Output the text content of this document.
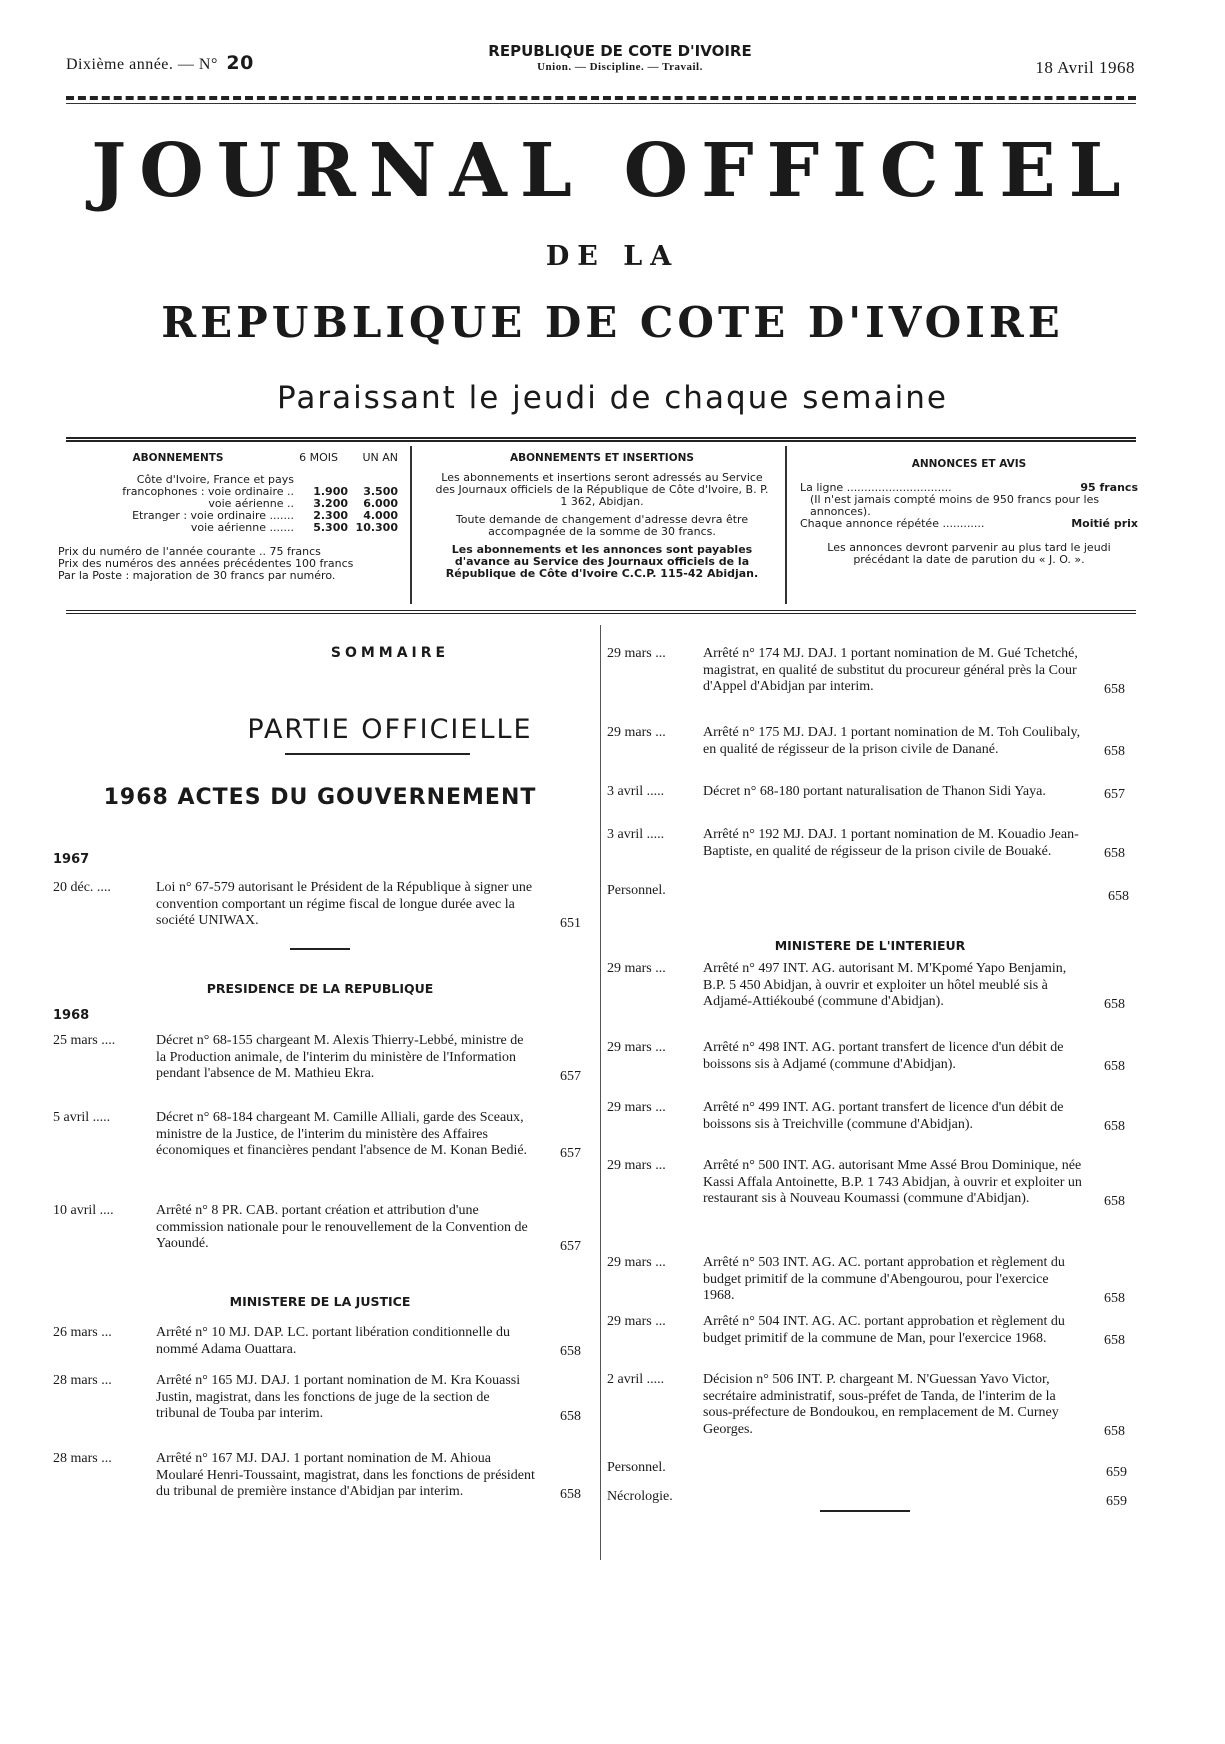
Dixième année. — N° 20
REPUBLIQUE DE COTE D'IVOIRE
Union. — Discipline. — Travail.	18 Avril 1968
JOURNAL OFFICIEL
DE LA
REPUBLIQUE DE COTE D'IVOIRE
Paraissant le jeudi de chaque semaine
ABONNEMENTS	6 MOIS	UN AN
Côte d'Ivoire, France et pays
francophones : voie ordinaire ..	1.900	3.500
voie aérienne ..	3.200	6.000
Etranger : voie ordinaire .......	2.300	4.000
voie aérienne .......	5.300 10.300
Prix du numéro de l'année courante .. 75 francs
Prix des numéros des années précédentes 100 francs
Par la Poste : majoration de 30 francs par numéro.
ABONNEMENTS ET INSERTIONS
Les abonnements et insertions seront adressés au Service des Journaux officiels de la République de Côte d'Ivoire, B. P. 1 362, Abidjan.
Toute demande de changement d'adresse devra être accompagnée de la somme de 30 francs.
Les abonnements et les annonces sont payables d'avance au Service des Journaux officiels de la République de Côte d'Ivoire C.C.P. 115-42 Abidjan.
ANNONCES ET AVIS
La ligne ..............................	95 francs
(Il n'est jamais compté moins de 950 francs pour les annonces).
Chaque annonce répétée ............	Moitié prix
Les annonces devront parvenir au plus tard le jeudi précédant la date de parution du « J. O. ».
SOMMAIRE
PARTIE OFFICIELLE
1968 ACTES DU GOUVERNEMENT
1967
20 déc. ....	Loi n° 67-579 autorisant le Président de la République à signer une convention comportant un régime fiscal de longue durée avec la société UNIWAX.	651
25 mars ....	Décret n° 68-155 chargeant M. Alexis Thierry-Lebbé, ministre de la Production animale, de l'interim du ministère de l'Information pendant l'absence de M. Mathieu Ekra.	657
5 avril .....	Décret n° 68-184 chargeant M. Camille Alliali, garde des Sceaux, ministre de la Justice, de l'interim du ministère des Affaires économiques et financières pendant l'absence de M. Konan Bedié.	657
10 avril ....	Arrêté n° 8 PR. CAB. portant création et attribution d'une commission nationale pour le renouvellement de la Convention de Yaoundé.	657
26 mars ...	Arrêté n° 10 MJ. DAP. LC. portant libération conditionnelle du nommé Adama Ouattara.	658
28 mars ...	Arrêté n° 165 MJ. DAJ. 1 portant nomination de M. Kra Kouassi Justin, magistrat, dans les fonctions de juge de la section de tribunal de Touba par interim.	658
28 mars ...	Arrêté n° 167 MJ. DAJ. 1 portant nomination de M. Ahioua Moularé Henri-Toussaint, magistrat, dans les fonctions de président du tribunal de première instance d'Abidjan par interim.	658
PRESIDENCE DE LA REPUBLIQUE
1968
MINISTERE DE LA JUSTICE
29 mars ...	Arrêté n° 174 MJ. DAJ. 1 portant nomination de M. Gué Tchetché, magistrat, en qualité de substitut du procureur général près la Cour d'Appel d'Abidjan par interim.	658
29 mars ...	Arrêté n° 175 MJ. DAJ. 1 portant nomination de M. Toh Coulibaly, en qualité de régisseur de la prison civile de Danané.	658
3 avril .....	Décret n° 68-180 portant naturalisation de Thanon Sidi Yaya.	657
3 avril .....	Arrêté n° 192 MJ. DAJ. 1 portant nomination de M. Kouadio Jean-Baptiste, en qualité de régisseur de la prison civile de Bouaké.	658
29 mars ...	Arrêté n° 497 INT. AG. autorisant M. M'Kpomé Yapo Benjamin, B.P. 5 450 Abidjan, à ouvrir et exploiter un hôtel meublé sis à Adjamé-Attiékoubé (commune d'Abidjan).	658
29 mars ...	Arrêté n° 498 INT. AG. portant transfert de licence d'un débit de boissons sis à Adjamé (commune d'Abidjan).	658
29 mars ...	Arrêté n° 499 INT. AG. portant transfert de licence d'un débit de boissons sis à Treichville (commune d'Abidjan).	658
29 mars ...	Arrêté n° 500 INT. AG. autorisant Mme Assé Brou Dominique, née Kassi Affala Antoinette, B.P. 1 743 Abidjan, à ouvrir et exploiter un restaurant sis à Nouveau Koumassi (commune d'Abidjan).	658
29 mars ...	Arrêté n° 503 INT. AG. AC. portant approbation et règlement du budget primitif de la commune d'Abengourou, pour l'exercice 1968.	658
29 mars ...	Arrêté n° 504 INT. AG. AC. portant approbation et règlement du budget primitif de la commune de Man, pour l'exercice 1968.	658
2 avril .....	Décision n° 506 INT. P. chargeant M. N'Guessan Yavo Victor, secrétaire administratif, sous-préfet de Tanda, de l'interim de la sous-préfecture de Bondoukou, en remplacement de M. Curney Georges.	658
Personnel.	658
MINISTERE DE L'INTERIEUR
Personnel.	659
Nécrologie.	659
